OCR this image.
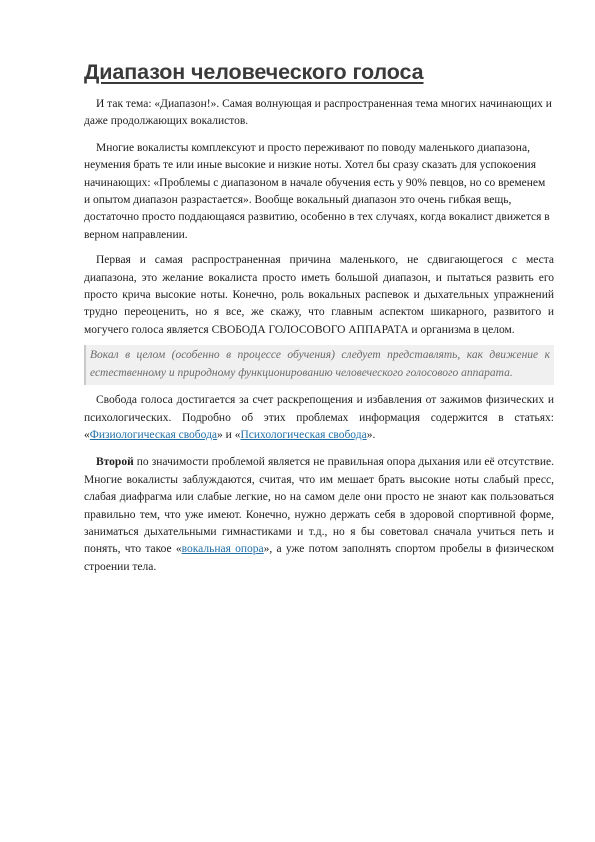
Диапазон человеческого голоса

И так тема: «Диапазон!». Самая волнующая и распространенная тема многих начинающих и даже продолжающих вокалистов.

Многие вокалисты комплексуют и просто переживают по поводу маленького диапазона, неумения брать те или иные высокие и низкие ноты. Хотел бы сразу сказать для успокоения начинающих: «Проблемы с диапазоном в начале обучения есть у 90% певцов, но со временем и опытом диапазон разрастается». Вообще вокальный диапазон это очень гибкая вещь, достаточно просто поддающаяся развитию, особенно в тех случаях, когда вокалист движется в верном направлении.

Первая и самая распространенная причина маленького, не сдвигающегося с места диапазона, это желание вокалиста просто иметь большой диапазон, и пытаться развить его просто крича высокие ноты. Конечно, роль вокальных распевок и дыхательных упражнений трудно переоценить, но я все, же скажу, что главным аспектом шикарного, развитого и могучего голоса является СВОБОДА ГОЛОСОВОГО АППАРАТА и организма в целом.

Вокал в целом (особенно в процессе обучения) следует представлять, как движение к естественному и природному функционированию человеческого голосового аппарата.

Свобода голоса достигается за счет раскрепощения и избавления от зажимов физических и психологических. Подробно об этих проблемах информация содержится в статьях: «Физиологическая свобода» и «Психологическая свобода».

Второй по значимости проблемой является не правильная опора дыхания или её отсутствие. Многие вокалисты заблуждаются, считая, что им мешает брать высокие ноты слабый пресс, слабая диафрагма или слабые легкие, но на самом деле они просто не знают как пользоваться правильно тем, что уже имеют. Конечно, нужно держать себя в здоровой спортивной форме, заниматься дыхательными гимнастиками и т.д., но я бы советовал сначала учиться петь и понять, что такое «вокальная опора», а уже потом заполнять спортом пробелы в физическом строении тела.
